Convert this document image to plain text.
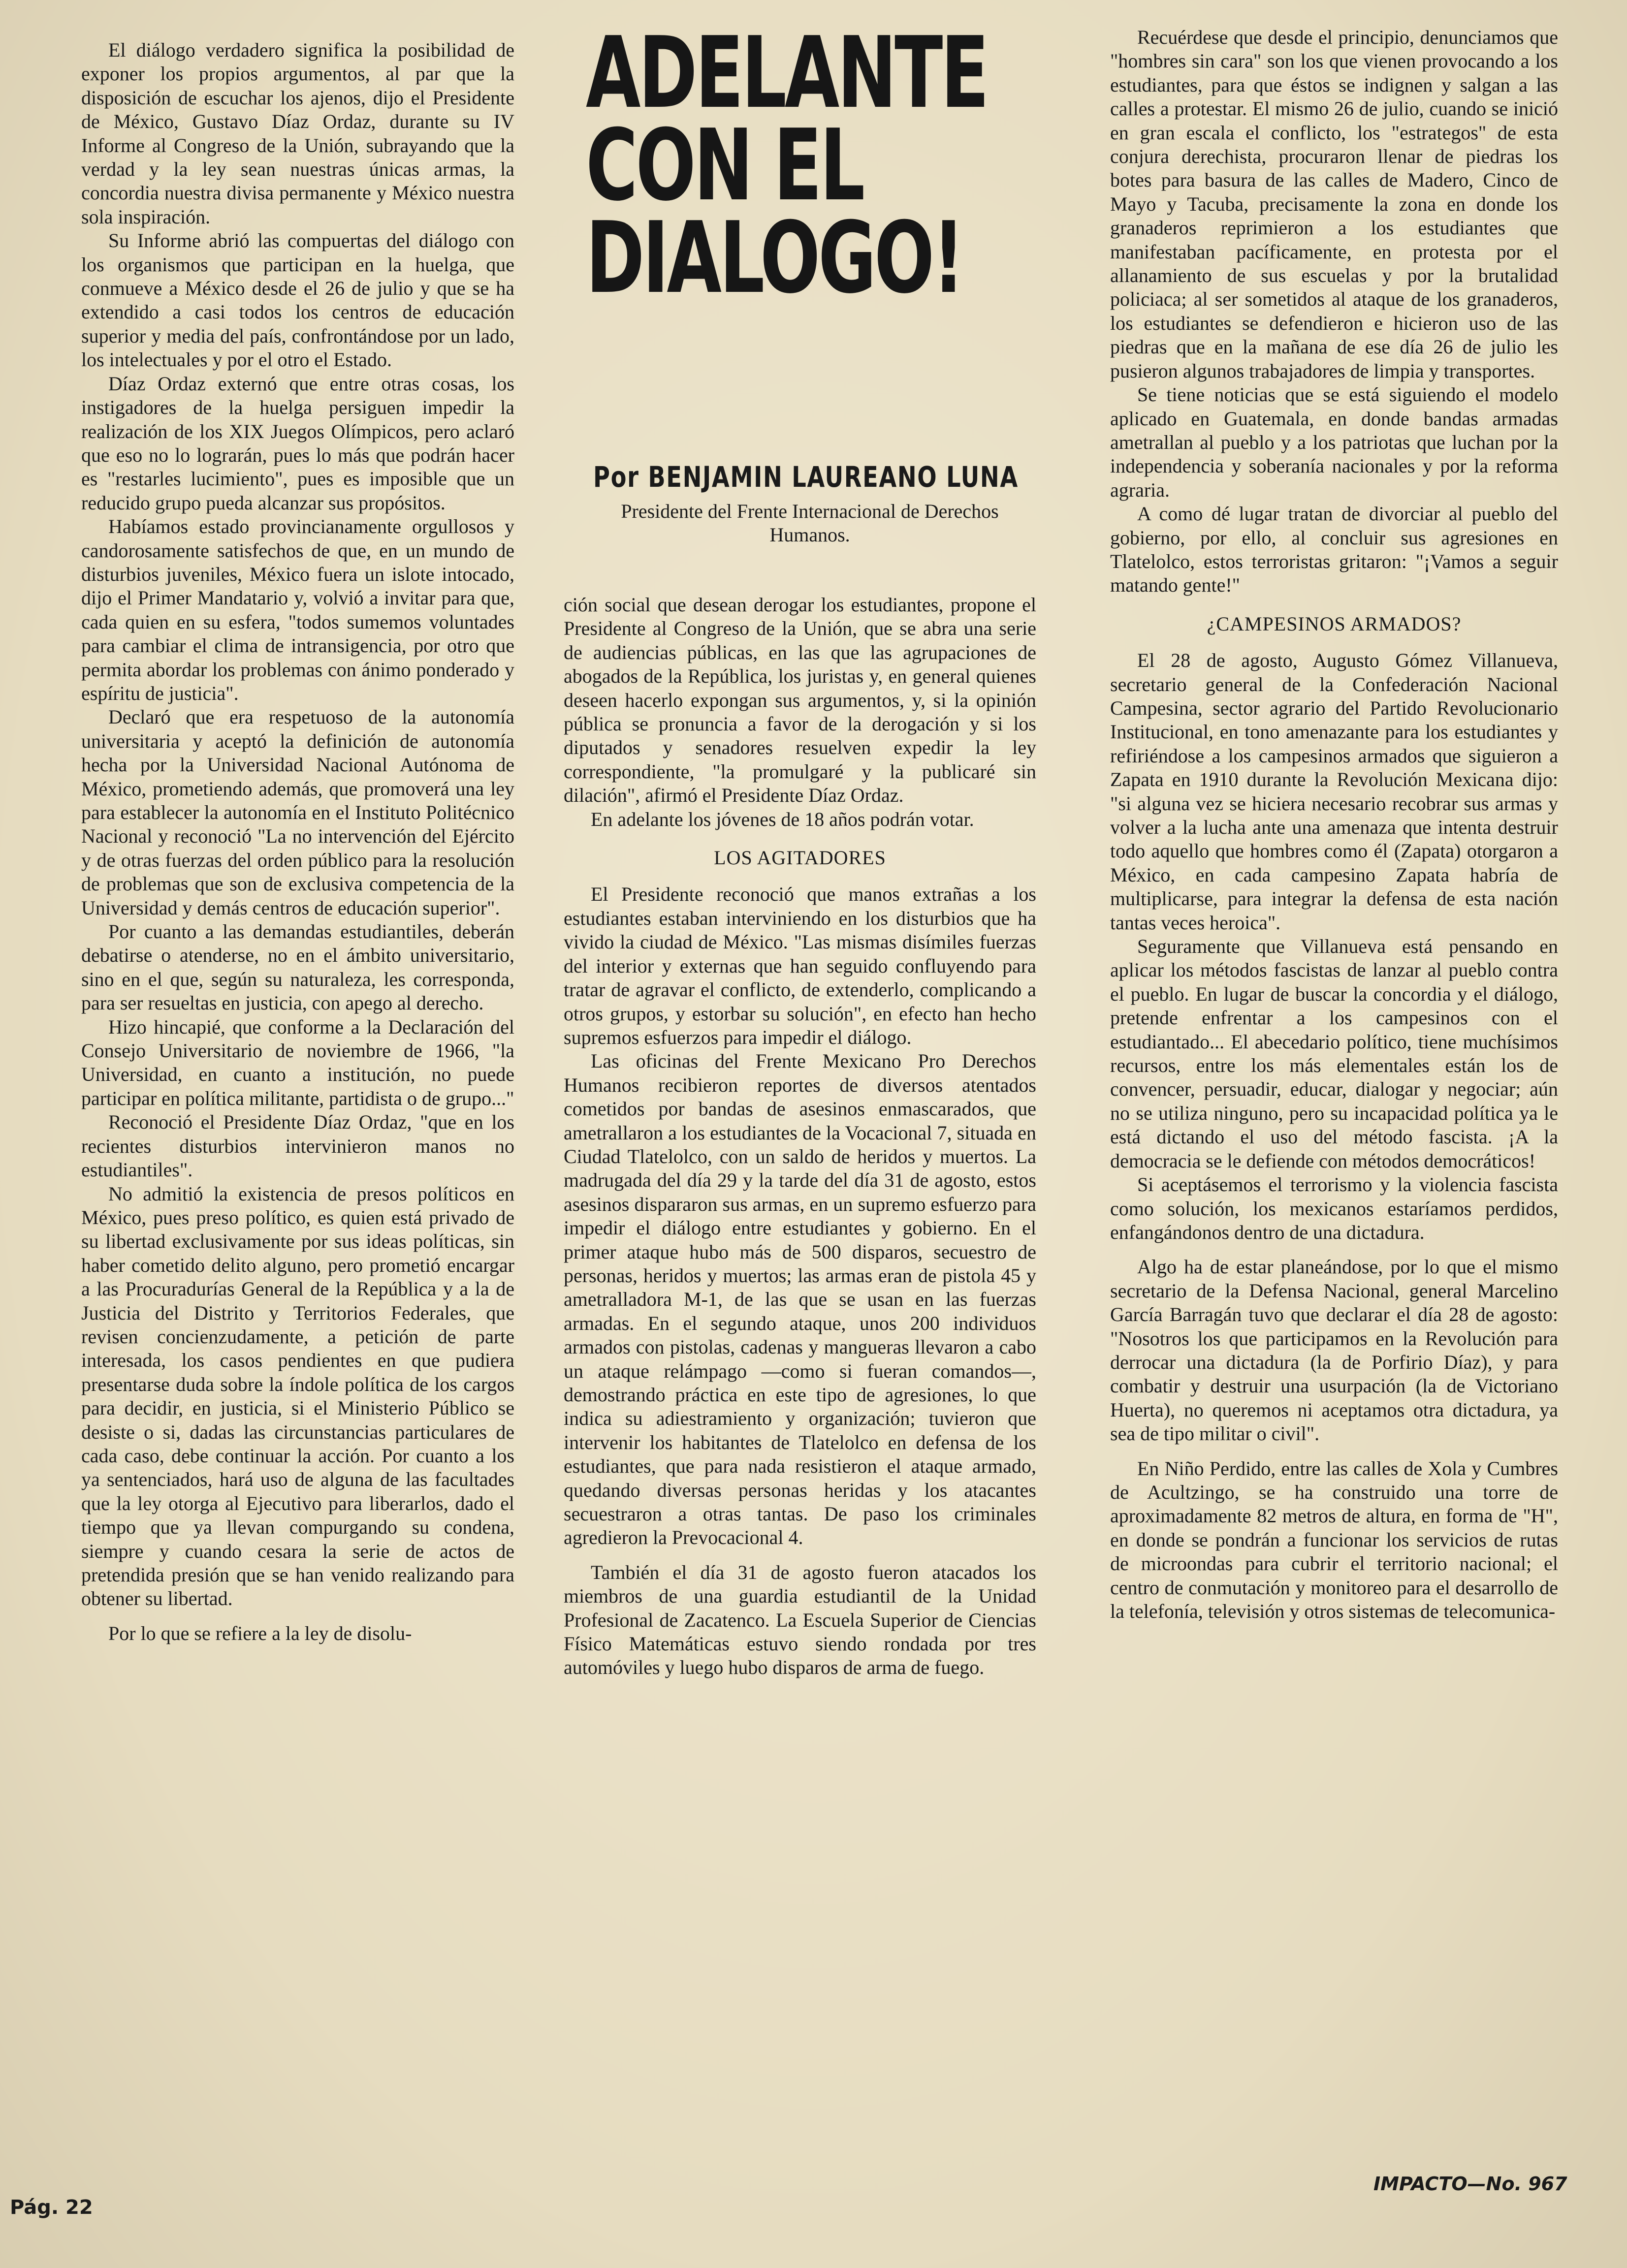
El diálogo verdadero significa la posibilidad de exponer los propios argumentos, al par que la disposición de escuchar los ajenos, dijo el Presidente de México, Gustavo Díaz Ordaz, durante su IV Informe al Congreso de la Unión, subrayando que la verdad y la ley sean nuestras únicas armas, la concordia nuestra divisa permanente y México nuestra sola inspiración.

Su Informe abrió las compuertas del diálogo con los organismos que participan en la huelga, que conmueve a México desde el 26 de julio y que se ha extendido a casi todos los centros de educación superior y media del país, confrontándose por un lado, los intelectuales y por el otro el Estado.

Díaz Ordaz externó que entre otras cosas, los instigadores de la huelga persiguen impedir la realización de los XIX Juegos Olímpicos, pero aclaró que eso no lo lograrán, pues lo más que podrán hacer es "restarles lucimiento", pues es imposible que un reducido grupo pueda alcanzar sus propósitos.

Habíamos estado provincianamente orgullosos y candorosamente satisfechos de que, en un mundo de disturbios juveniles, México fuera un islote intocado, dijo el Primer Mandatario y, volvió a invitar para que, cada quien en su esfera, "todos sumemos voluntades para cambiar el clima de intransigencia, por otro que permita abordar los problemas con ánimo ponderado y espíritu de justicia".

Declaró que era respetuoso de la autonomía universitaria y aceptó la definición de autonomía hecha por la Universidad Nacional Autónoma de México, prometiendo además, que promoverá una ley para establecer la autonomía en el Instituto Politécnico Nacional y reconoció "La no intervención del Ejército y de otras fuerzas del orden público para la resolución de problemas que son de exclusiva competencia de la Universidad y demás centros de educación superior".

Por cuanto a las demandas estudiantiles, deberán debatirse o atenderse, no en el ámbito universitario, sino en el que, según su naturaleza, les corresponda, para ser resueltas en justicia, con apego al derecho.

Hizo hincapié, que conforme a la Declaración del Consejo Universitario de noviembre de 1966, "la Universidad, en cuanto a institución, no puede participar en política militante, partidista o de grupo..."

Reconoció el Presidente Díaz Ordaz, "que en los recientes disturbios intervinieron manos no estudiantiles".

No admitió la existencia de presos políticos en México, pues preso político, es quien está privado de su libertad exclusivamente por sus ideas políticas, sin haber cometido delito alguno, pero prometió encargar a las Procuradurías General de la República y a la de Justicia del Distrito y Territorios Federales, que revisen concienzudamente, a petición de parte interesada, los casos pendientes en que pudiera presentarse duda sobre la índole política de los cargos para decidir, en justicia, si el Ministerio Público se desiste o si, dadas las circunstancias particulares de cada caso, debe continuar la acción. Por cuanto a los ya sentenciados, hará uso de alguna de las facultades que la ley otorga al Ejecutivo para liberarlos, dado el tiempo que ya llevan compurgando su condena, siempre y cuando cesara la serie de actos de pretendida presión que se han venido realizando para obtener su libertad.

Por lo que se refiere a la ley de disolu-

ADELANTE
CON EL
DIALOGO!
Por BENJAMIN LAUREANO LUNA
Presidente del Frente Internacional de Derechos Humanos.

ción social que desean derogar los estudiantes, propone el Presidente al Congreso de la Unión, que se abra una serie de audiencias públicas, en las que las agrupaciones de abogados de la República, los juristas y, en general quienes deseen hacerlo expongan sus argumentos, y, si la opinión pública se pronuncia a favor de la derogación y si los diputados y senadores resuelven expedir la ley correspondiente, "la promulgaré y la publicaré sin dilación", afirmó el Presidente Díaz Ordaz.

En adelante los jóvenes de 18 años podrán votar.

LOS AGITADORES

El Presidente reconoció que manos extrañas a los estudiantes estaban interviniendo en los disturbios que ha vivido la ciudad de México. "Las mismas disímiles fuerzas del interior y externas que han seguido confluyendo para tratar de agravar el conflicto, de extenderlo, complicando a otros grupos, y estorbar su solución", en efecto han hecho supremos esfuerzos para impedir el diálogo.

Las oficinas del Frente Mexicano Pro Derechos Humanos recibieron reportes de diversos atentados cometidos por bandas de asesinos enmascarados, que ametrallaron a los estudiantes de la Vocacional 7, situada en Ciudad Tlatelolco, con un saldo de heridos y muertos. La madrugada del día 29 y la tarde del día 31 de agosto, estos asesinos dispararon sus armas, en un supremo esfuerzo para impedir el diálogo entre estudiantes y gobierno. En el primer ataque hubo más de 500 disparos, secuestro de personas, heridos y muertos; las armas eran de pistola 45 y ametralladora M-1, de las que se usan en las fuerzas armadas. En el segundo ataque, unos 200 individuos armados con pistolas, cadenas y mangueras llevaron a cabo un ataque relámpago —como si fueran comandos—, demostrando práctica en este tipo de agresiones, lo que indica su adiestramiento y organización; tuvieron que intervenir los habitantes de Tlatelolco en defensa de los estudiantes, que para nada resistieron el ataque armado, quedando diversas personas heridas y los atacantes secuestraron a otras tantas. De paso los criminales agredieron la Prevocacional 4.

También el día 31 de agosto fueron atacados los miembros de una guardia estudiantil de la Unidad Profesional de Zacatenco. La Escuela Superior de Ciencias Físico Matemáticas estuvo siendo rondada por tres automóviles y luego hubo disparos de arma de fuego.

Recuérdese que desde el principio, denunciamos que "hombres sin cara" son los que vienen provocando a los estudiantes, para que éstos se indignen y salgan a las calles a protestar. El mismo 26 de julio, cuando se inició en gran escala el conflicto, los "estrategos" de esta conjura derechista, procuraron llenar de piedras los botes para basura de las calles de Madero, Cinco de Mayo y Tacuba, precisamente la zona en donde los granaderos reprimieron a los estudiantes que manifestaban pacíficamente, en protesta por el allanamiento de sus escuelas y por la brutalidad policiaca; al ser sometidos al ataque de los granaderos, los estudiantes se defendieron e hicieron uso de las piedras que en la mañana de ese día 26 de julio les pusieron algunos trabajadores de limpia y transportes.

Se tiene noticias que se está siguiendo el modelo aplicado en Guatemala, en donde bandas armadas ametrallan al pueblo y a los patriotas que luchan por la independencia y soberanía nacionales y por la reforma agraria.

A como dé lugar tratan de divorciar al pueblo del gobierno, por ello, al concluir sus agresiones en Tlatelolco, estos terroristas gritaron: "¡Vamos a seguir matando gente!"

¿CAMPESINOS ARMADOS?

El 28 de agosto, Augusto Gómez Villanueva, secretario general de la Confederación Nacional Campesina, sector agrario del Partido Revolucionario Institucional, en tono amenazante para los estudiantes y refiriéndose a los campesinos armados que siguieron a Zapata en 1910 durante la Revolución Mexicana dijo: "si alguna vez se hiciera necesario recobrar sus armas y volver a la lucha ante una amenaza que intenta destruir todo aquello que hombres como él (Zapata) otorgaron a México, en cada campesino Zapata habría de multiplicarse, para integrar la defensa de esta nación tantas veces heroica".

Seguramente que Villanueva está pensando en aplicar los métodos fascistas de lanzar al pueblo contra el pueblo. En lugar de buscar la concordia y el diálogo, pretende enfrentar a los campesinos con el estudiantado... El abecedario político, tiene muchísimos recursos, entre los más elementales están los de convencer, persuadir, educar, dialogar y negociar; aún no se utiliza ninguno, pero su incapacidad política ya le está dictando el uso del método fascista. ¡A la democracia se le defiende con métodos democráticos!

Si aceptásemos el terrorismo y la violencia fascista como solución, los mexicanos estaríamos perdidos, enfangándonos dentro de una dictadura.

Algo ha de estar planeándose, por lo que el mismo secretario de la Defensa Nacional, general Marcelino García Barragán tuvo que declarar el día 28 de agosto: "Nosotros los que participamos en la Revolución para derrocar una dictadura (la de Porfirio Díaz), y para combatir y destruir una usurpación (la de Victoriano Huerta), no queremos ni aceptamos otra dictadura, ya sea de tipo militar o civil".

En Niño Perdido, entre las calles de Xola y Cumbres de Acultzingo, se ha construido una torre de aproximadamente 82 metros de altura, en forma de "H", en donde se pondrán a funcionar los servicios de rutas de microondas para cubrir el territorio nacional; el centro de conmutación y monitoreo para el desarrollo de la telefonía, televisión y otros sistemas de telecomunica-

Pág. 22
IMPACTO—No. 967
